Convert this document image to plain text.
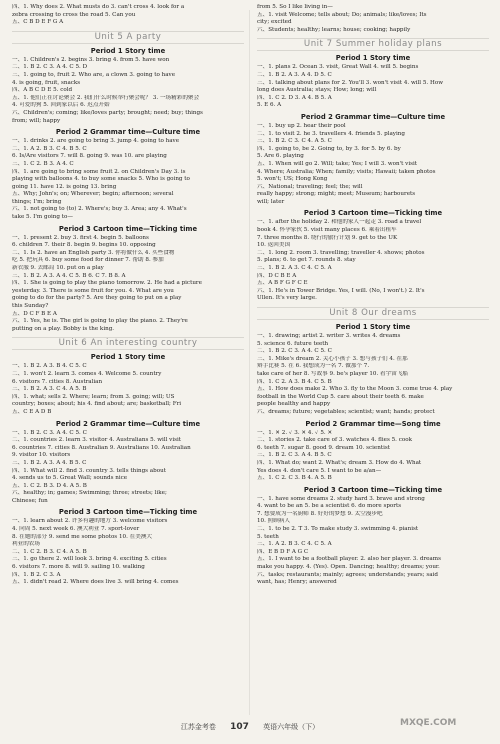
四、1. Why does 2. What musts do 3. can't cross 4. look for a
zebra crossing to cross the road 5. Can you
五、C B D E F G A
Unit 5 A party
Period 1 Story time
一、1. Children's 2. begins 3. bring 4. from 5. have won
二、1. B 2. C 3. A 4. C 5. D
三、1. going to, fruit 2. Who are, a clown 3. going to have
4. is going, fruit, snacks
四、A B C D E 5. cold
五、1. 他们正在讨论聚会 2. 我们什么时候举行聚会呢？ 3. 一场精彩的聚会
4. 可爱的狗 5. 回到家以后 6. 迟点开始
六、Children's; coming; like/loves party; brought; need; buy; things
from; will; happy
Period 2 Grammar time—Culture time
一、1. drinks 2. are going to bring 3. jump 4. going to have
二、1. A 2. B 3. C 4. B 5. C
6. Is/Are visitors 7. will 8. going 9. was 10. are playing
三、1. C 2. B 3. A 4. C
四、1. are going to bring some fruit 2. on Children's Day 3. is
playing with balloons 4. to buy some snacks 5. Who is going to
going 11. have 12. is going 13. bring
五、Why; John's; on; Wherever; begin; afternoon; several
things; I'm; bring
六、1. not going to (to) 2. Where's; buy 3. Area; any 4. What's
take 5. I'm going to—
Period 3 Cartoon time—Ticking time
一、1. present 2. buy 3. first 4. begin 5. balloons
6. children 7. their 8. begin 9. begins 10. opposing
二、1. Is 2. have an English party 3. 你将做什么 4. 买些食物
吃 5. 把玩具 6. buy some food for dinner 7. 帮助 8. 参加
新衣服 9. 去邮局 10. put on a play
三、1. B 2. A 3. A 4. C 5. B 6. C 7. B 8. A
四、1. She is going to play the piano tomorrow. 2. He had a picture
yesterday. 3. There is some fruit for you. 4. What are you
going to do for the party? 5. Are they going to put on a play
this Sunday?
五、D C F B E A
六、1. Yes, he is. The girl is going to play the piano. 2. They're
putting on a play. Bobby is the king.
Unit 6 An interesting country
Period 1 Story time
一、1. B 2. A 3. B 4. C 5. C
二、1. won't 2. learn 3. comes 4. Welcome 5. country
6. visitors 7. cities 8. Australian
三、1. B 2. A 3. C 4. A 5. B
四、1. what; sells 2. Where; learn; from 3. going; will; US
country; boxes; about; his 4. find about; are; basketball; Fri
五、C E A D B
Period 2 Grammar time—Culture time
一、1. B 2. C 3. A 4. C 5. C
二、1. countries 2. learn 3. visitor 4. Australians 5. will visit
6. countries 7. cities 8. Australian 9. Australians 10. Australian
9. visitor 10. visitors
三、1. B 2. A 3. A 4. B 5. C
四、1. What will 2. find 3. country 3. tells things about
4. sends us to 5. Great Wall; sounds nice
五、1. C 2. B 3. D 4. A 5. B
六、healthy; in; games; Swimming; three; streets; like;
Chinese; fun
Period 3 Cartoon time—Ticking time
一、1. learn about 2. 许多有趣的地方 3. welcome visitors
4. 向周 5. next week 6. 澳大利亚 7. sport-lover
8. 在她的部分 9. send me some photos 10. 在美澳大
利亚的农场
二、1. C 2. B 3. C 4. A 5. B
三、1. go there 2. will look 3. bring 4. exciting 5. cities
6. visitors 7. more 8. will 9. sailing 10. walking
四、1. B 2. C 3. A
五、1. didn't read 2. Where does live 3. will bring 4. comes
from 5. So I like living in—
五、1. visit Welcome; tells about; Do; animals; like/loves; Its
city; excited
六、Students; healthy; learns; house; cooking; happily
Unit 7 Summer holiday plans
Period 1 Story time
一、1. plans 2. Ocean 3. visit, Great Wall 4. will 5. begins
二、1. B 2. A 3. A 4. D 5. C
三、1. talking about plans for 2. You'll 3. won't visit 4. will 5. How
long does Australia; stays; How; long; will
四、1. C 2. D 3. A 4. B 5. A
5. E 6. A
Period 2 Grammar time—Culture time
一、1. buy up 2. hear their pool
二、1. to visit 2. he 3. travellers 4. friends 5. playing
三、1. B 2. C 3. C 4. A 5. C
四、1. going to, be 2. Going to, by 3. for 5. by 6. by
5. Are 6. playing
五、1. When will go 2. Will; take; Yes; I will 3. won't visit
4. Where; Australia; When; family; visits; Hawaii; taken photos
5. won't; US; Hong Kong
六、National; traveling; feel; the; will
really happy; strong; might; meet; Museum; harbourets
will; later
Period 3 Cartoon time—Ticking time
一、1. after the holiday 2. 和他的家人一起走 3. road a travel
book 4. 怀孕家伙 5. visit many places 6. 乘着出租车
7. three months 8. 绕行的旅行计划 9. get to the UK
10. 返回美国
二、1. long 2. room 3. travelling; traveller 4. shows; photos
5. plans; 6. to get 7. rounds 8. stay
三、1. B 2. A 3. C 4. C 5. A
四、D C B E A
五、A B F G F C E
六、1. He's in Tower Bridge. Yes, I will. (No, I won't.) 2. It's
Ullen. It's very large.
Unit 8 Our dreams
Period 1 Story time
一、1. drawing; artist 2. writer 3. writes 4. dreams
5. science 6. future teeth
二、1. B 2. C 3. A 4. C 5. C
三、1. Mike's dream 2. 关心小孩子 3. 想与孩子们 4. 在那
辩手比赛 5. 在 6. 我想成为一名 7. 做那个 7.
take care of her 8. 写故事 9. be's player 10. 看宇宙飞船
四、1. C 2. A 3. B 4. C 5. B
五、1. How does make 2. Who 3. fly to the Moon 3. come true 4. play
football in the World Cup 5. care about their teeth 6. make
people healthy and happy
六、dreams; future; vegetables; scientist; want; hands; protect
Period 2 Grammar time—Song time
一、1. ✕ 2. ✓ 3. ✕ 4. ✓ 5. ✕
二、1. stories 2. take care of 3. watches 4. flies 5. cook
6. teeth 7. sugar 8. good 9. dream 10. scientist
三、1. B 2. C 3. A 4. B 5. C
四、1. What do; want 2. What's; dream 3. How do 4. What
Yes does 4. don't care 5. I want to be a/an—
五、1. C 2. C 3. B 4. A 5. B
Period 3 Cartoon time—Ticking time
一、1. have some dreams 2. study hard 3. brave and strong
4. want to be an 5. be a scientist 6. do more sports
7. 想要成为一名厨师 8. 好好的梦想 9. 太空漫步吧
10. 照顾病人
二、1. to be 2. T 3. To make study 3. swimming 4. pianist
5. teeth
三、1. A 2. B 3. C 4. C 5. A
四、E B D F A G C
五、1. I want to be a football player. 2. also her player. 3. dreams
make you happy. 4. (Yes). Open. Dancing; healthy; dreams; your.
六、tasks; restaurants; mainly; agrees; understands; years; said
want, has; Henry; answered
江苏金考卷 107 英语六年级（下）	MXQE.COM
